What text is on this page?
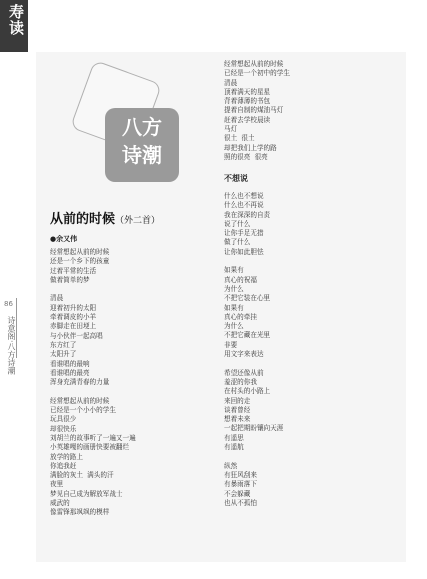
寿读
86
诗意阁·八方诗潮
八方
诗潮
从前的时候（外二首）
●余又伟
经常想起从前的时候
还是一个乡下的孩童
过着平常的生活
做着简单的梦
清晨
迎着初升的太阳
牵着调皮的小羊
赤脚走在田埂上
与小伙伴一起高唱
东方红了
太阳升了
看谁唱的最响
看谁唱的最亮
浑身充满青春的力量
经常想起从前的时候
已经是一个小小的学生
玩具很少
却很快乐
刘胡兰的故事听了一遍又一遍
小英雄嘎的画册快要被翻烂
放学的路上
你追我赶
满脸的灰土  满头的汗
夜里
梦见自己成为解放军战士
威武的
像雷锋那飒飒的模样
经常想起从前的时候
已经是一个初中的学生
清晨
顶着满天的星星
背着薄薄的书包
提着自制的煤油马灯
赶着去学校晨读
马灯
很土  很土
却把我们上学的路
照的很亮  很亮
不想说
什么也不想说
什么也不再说
我在深深的自责
说了什么
让你手足无措
做了什么
让你如此胆怯
如果有
真心的祝福
为什么
不把它装在心里
如果有
真心的牵挂
为什么
不把它藏在光里
非要
用文字来表达
希望还像从前
羞涩的你我
在村头的小路上
来回的走
谈着曾经
想着未来
一起把期盼镶向天涯
有遥思
有遥航
纵然
有狂风刮来
有暴雨落下
不会躲藏
也从不孤怕
